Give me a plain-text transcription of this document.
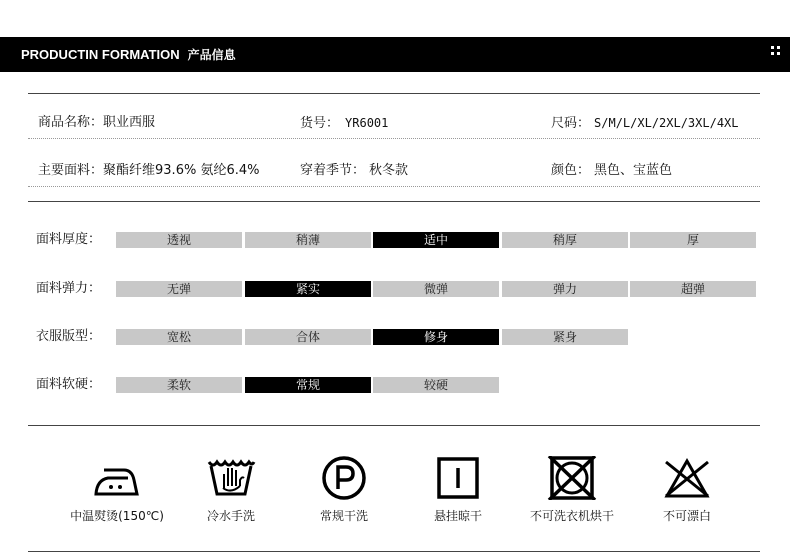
PRODUCTIN FORMATION 产品信息
商品名称：职业西服	货号： YR6001	尺码： S/M/L/XL/2XL/3XL/4XL
主要面料：聚酯纤维93.6% 氨纶6.4%	穿着季节： 秋冬款	颜色： 黑色、宝蓝色
面料厚度：	透视	稍薄	适中	稍厚	厚
面料弹力：	无弹	紧实	微弹	弹力	超弹
衣服版型：	宽松	合体	修身	紧身
面料软硬：	柔软	常规	较硬
中温熨烫(150℃)	冷水手洗	常规干洗	悬挂晾干	不可洗衣机烘干	不可漂白
